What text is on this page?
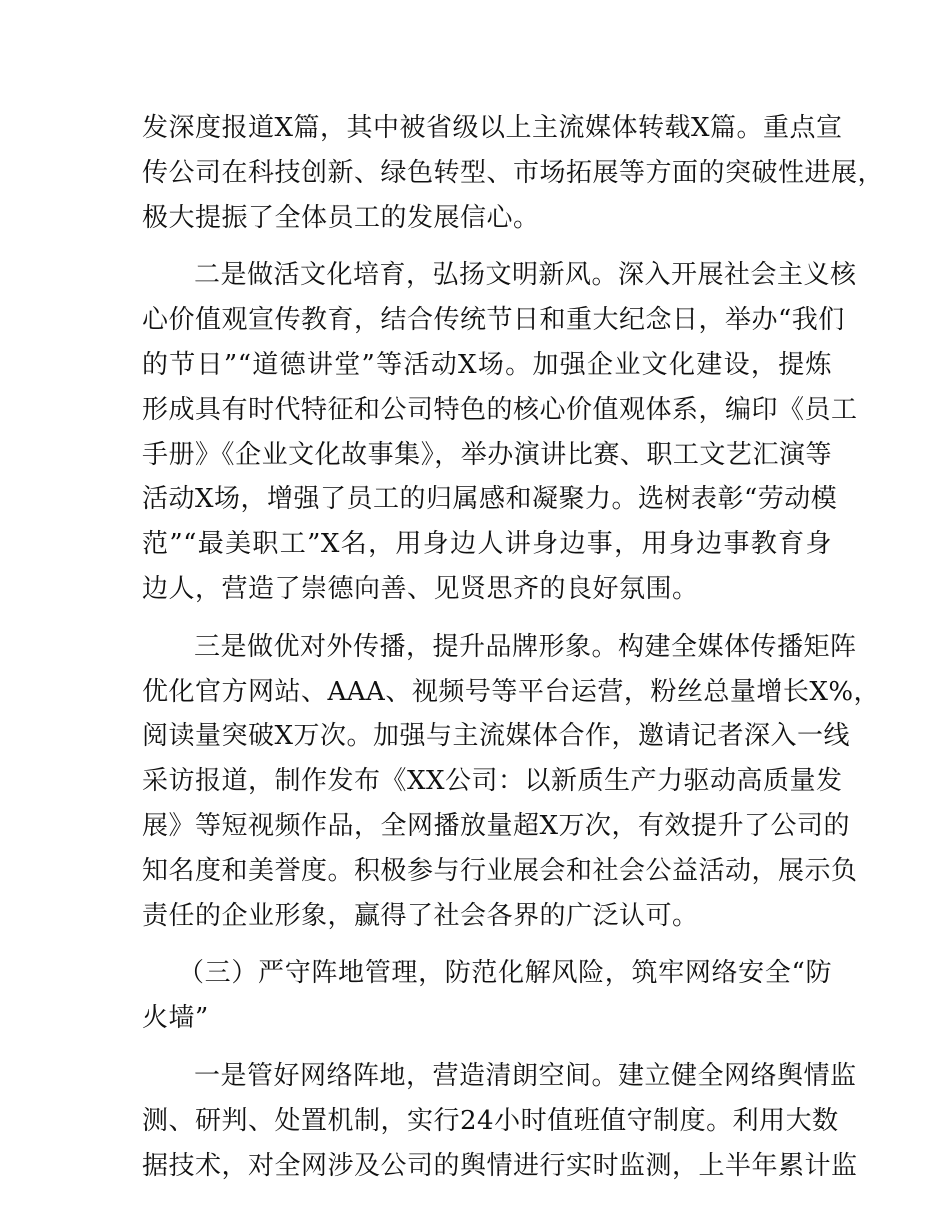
发深度报道X篇，其中被省级以上主流媒体转载X篇。重点宣
传公司在科技创新、绿色转型、市场拓展等方面的突破性进展，
极大提振了全体员工的发展信心。
二是做活文化培育，弘扬文明新风。深入开展社会主义核
心价值观宣传教育，结合传统节日和重大纪念日，举办“我们
的节日”“道德讲堂”等活动X场。加强企业文化建设，提炼
形成具有时代特征和公司特色的核心价值观体系，编印《员工
手册》《企业文化故事集》，举办演讲比赛、职工文艺汇演等
活动X场，增强了员工的归属感和凝聚力。选树表彰“劳动模
范”“最美职工”X名，用身边人讲身边事，用身边事教育身
边人，营造了崇德向善、见贤思齐的良好氛围。
三是做优对外传播，提升品牌形象。构建全媒体传播矩阵
优化官方网站、AAA、视频号等平台运营，粉丝总量增长X%，
阅读量突破X万次。加强与主流媒体合作，邀请记者深入一线
采访报道，制作发布《XX公司：以新质生产力驱动高质量发
展》等短视频作品，全网播放量超X万次，有效提升了公司的
知名度和美誉度。积极参与行业展会和社会公益活动，展示负
责任的企业形象，赢得了社会各界的广泛认可。
（三）严守阵地管理，防范化解风险，筑牢网络安全“防
火墙”
一是管好网络阵地，营造清朗空间。建立健全网络舆情监
测、研判、处置机制，实行24小时值班值守制度。利用大数
据技术，对全网涉及公司的舆情进行实时监测，上半年累计监
